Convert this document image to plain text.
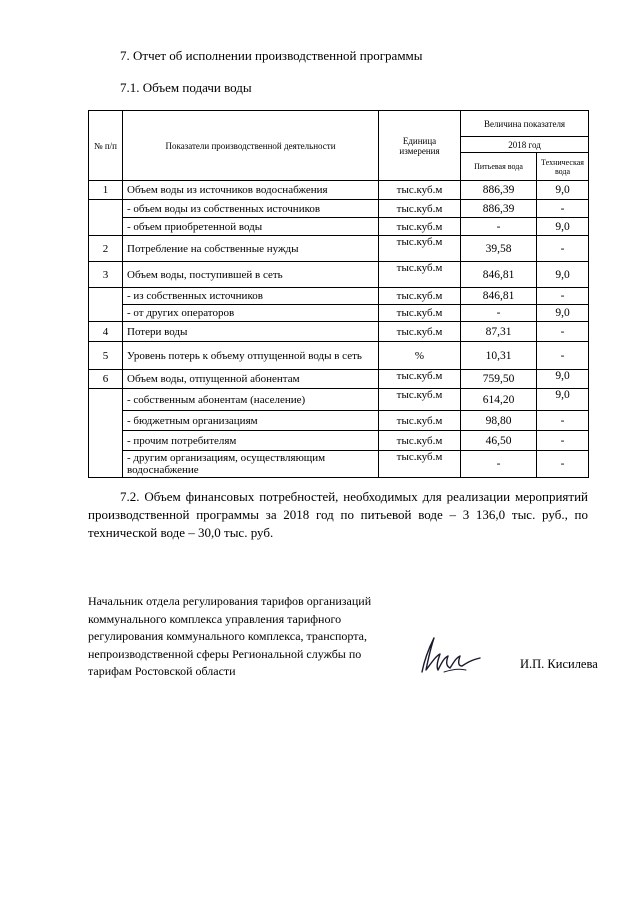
7. Отчет об исполнении производственной программы
7.1. Объем подачи воды
№ п/п	Показатели производственной деятельности	Единица измерения	Величина показателя	
			2018 год	
			Питьевая вода	Техническая вода
1	Объем воды из источников водоснабжения	тыс.куб.м	886,39	9,0
	- объем воды из собственных источников	тыс.куб.м	886,39	-
	- объем приобретенной воды	тыс.куб.м	-	9,0
2	Потребление на собственные нужды	тыс.куб.м	39,58	-
3	Объем воды, поступившей в сеть	тыс.куб.м	846,81	9,0
	- из собственных источников	тыс.куб.м	846,81	-
	- от других операторов	тыс.куб.м	-	9,0
4	Потери воды	тыс.куб.м	87,31	-
5	Уровень потерь к объему отпущенной воды в сеть	%	10,31	-
6	Объем воды, отпущенной абонентам	тыс.куб.м	759,50	9,0
	- собственным абонентам (население)	тыс.куб.м	614,20	9,0
	- бюджетным организациям	тыс.куб.м	98,80	-
	- прочим потребителям	тыс.куб.м	46,50	-
	- другим организациям, осуществляющим водоснабжение	тыс.куб.м	-	-
7.2. Объем финансовых потребностей, необходимых для реализации мероприятий производственной программы за 2018 год по питьевой воде – 3 136,0 тыс. руб., по технической воде – 30,0 тыс. руб.
Начальник отдела регулирования тарифов организаций коммунального комплекса управления тарифного регулирования коммунального комплекса, транспорта, непроизводственной сферы Региональной службы по тарифам Ростовской области	И.П. Кисилева
